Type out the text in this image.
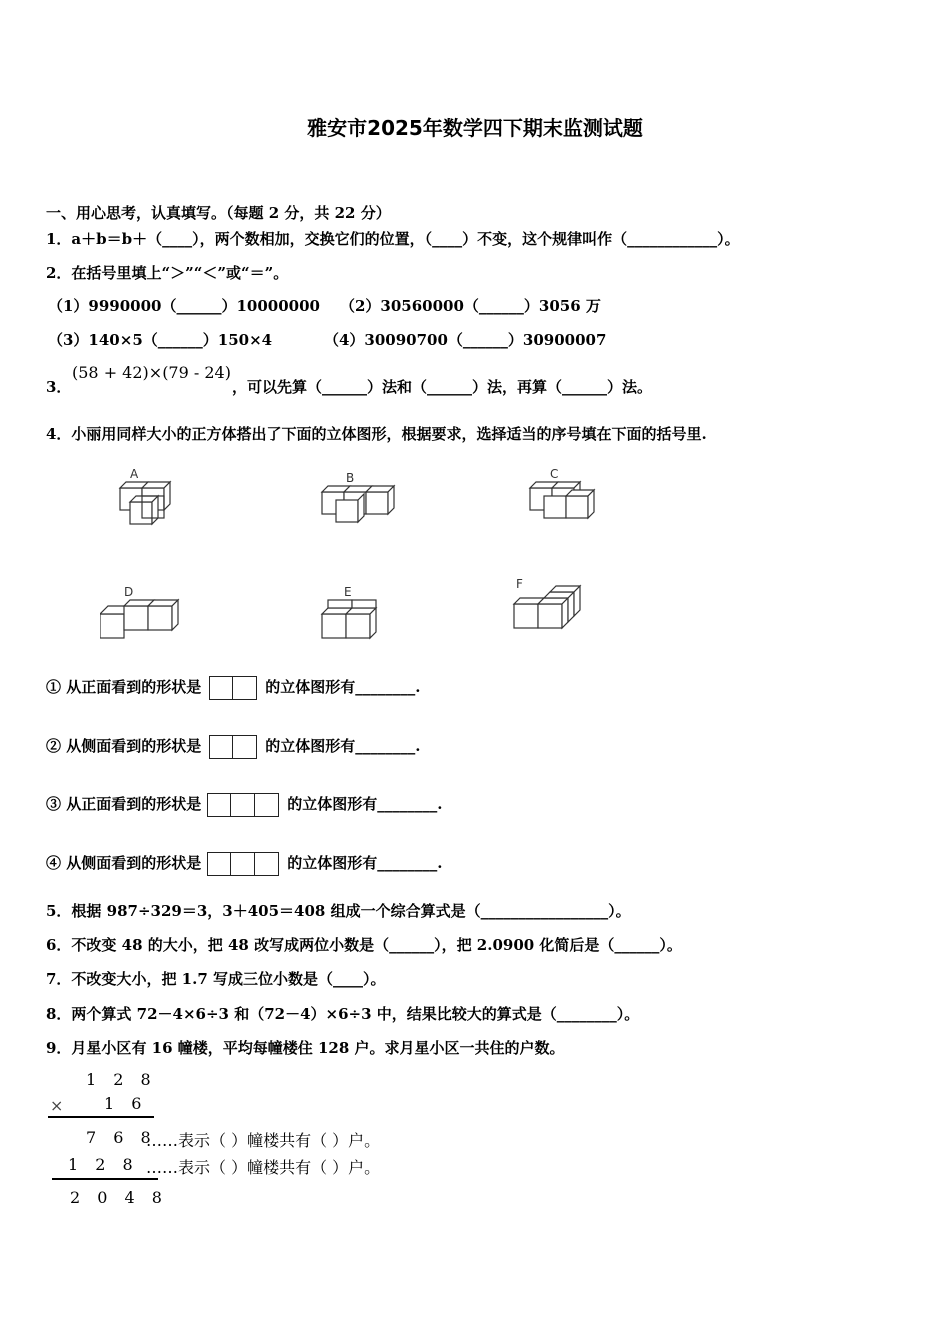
雅安市2025年数学四下期末监测试题
一、用心思考，认真填写。（每题 2 分，共 22 分）
1．a＋b＝b＋（____），两个数相加，交换它们的位置，（____）不变，这个规律叫作（____________）。
2．在括号里填上“＞”“＜”或“＝”。
（1）9990000（______）10000000 （2）30560000（______）3056 万
（3）140×5（______）150×4	（4）30090700（______）30900007
3．
(58 + 42)×(79 - 24)
，可以先算（______）法和（______）法，再算（______）法。
4．小丽用同样大小的正方体搭出了下面的立体图形，根据要求，选择适当的序号填在下面的括号里.
A	B	C
D	E
F
① 从正面看到的形状是	的立体图形有________.
② 从侧面看到的形状是	的立体图形有________.
③ 从正面看到的形状是	的立体图形有________.
④ 从侧面看到的形状是	的立体图形有________.
5．根据 987÷329＝3，3＋405＝408 组成一个综合算式是（_________________）。
6．不改变 48 的大小，把 48 改写成两位小数是（______），把 2.0900 化简后是（______）。
7．不改变大小，把 1.7 写成三位小数是（____）。
8．两个算式 72－4×6÷3 和（72－4）×6÷3 中，结果比较大的算式是（________）。
9．月星小区有 16 幢楼，平均每幢楼住 128 户。求月星小区一共住的户数。
1 2 8
× 1 6
7 6 8
……表示（ ）幢楼共有（ ）户。
1 2 8 ……表示（ ）幢楼共有（ ）户。
2 0 4 8
